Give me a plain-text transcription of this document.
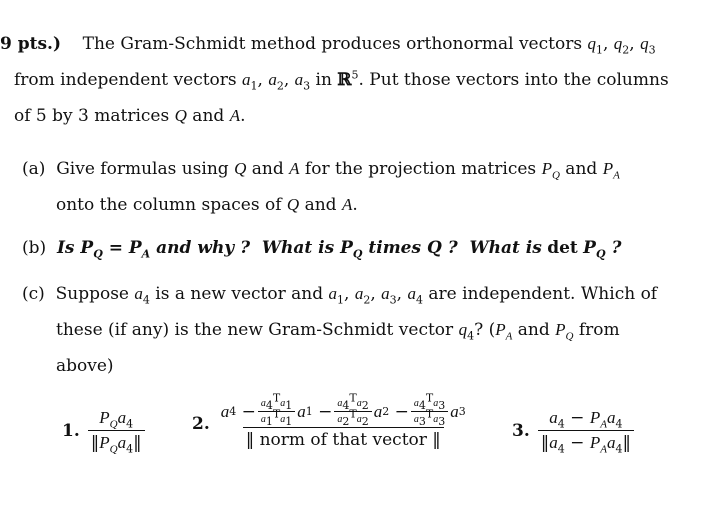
9 pts.)    The Gram-Schmidt method produces orthonormal vectors $q_1$, $q_2$, $q_3$
from independent vectors $a_1$, $a_2$, $a_3$ in ℝ$^5$. Put those vectors into the columns
of 5 by 3 matrices Q and A.
(a)  Give formulas using Q and A for the projection matrices $P_Q$ and $P_A$
onto the column spaces of Q and A.
(b) Is $P_Q = P_A$ and why ?  What is $P_Q$ times Q ?  What is $\det P_Q$ ?
(c)  Suppose $a_4$ is a new vector and $a_1$, $a_2$, $a_3$, $a_4$ are independent. Which of
these (if any) is the new Gram-Schmidt vector $q_4$? ($P_A$ and $P_Q$ from
above)
1. $\frac{P_Qa_4}{‖P_Qa_4‖}$	2.
a $4 - \frac{a_4^Ta_1}{a_1^Ta_1}$ a $1 - \frac{a_4^Ta_2}{a_2^Ta_2}$ a $2 - \frac{a_4^Ta_3}{a_3^Ta_3}$ a 3
‖ norm of that vector ‖	3. $\frac{a_4 - P_Aa_4}{‖a_4 - P_Aa_4‖}$
